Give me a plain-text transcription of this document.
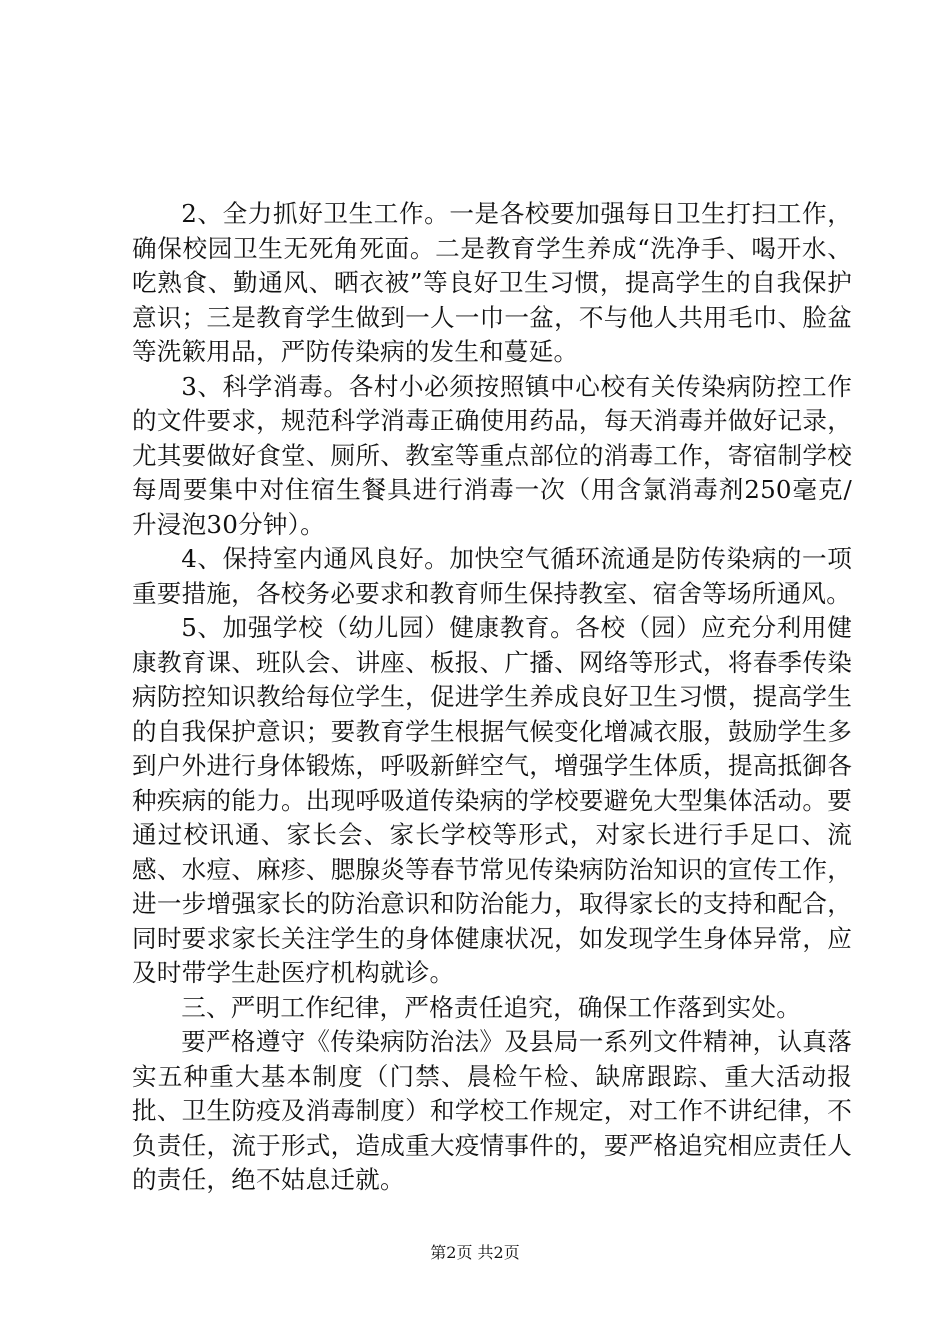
2、全力抓好卫生工作。一是各校要加强每日卫生打扫工作，确保校园卫生无死角死面。二是教育学生养成“洗净手、喝开水、吃熟食、勤通风、晒衣被”等良好卫生习惯，提高学生的自我保护意识；三是教育学生做到一人一巾一盆，不与他人共用毛巾、脸盆等洗簌用品，严防传染病的发生和蔓延。

3、科学消毒。各村小必须按照镇中心校有关传染病防控工作的文件要求，规范科学消毒正确使用药品，每天消毒并做好记录，尤其要做好食堂、厕所、教室等重点部位的消毒工作，寄宿制学校每周要集中对住宿生餐具进行消毒一次（用含氯消毒剂250毫克/升浸泡30分钟）。

4、保持室内通风良好。加快空气循环流通是防传染病的一项重要措施，各校务必要求和教育师生保持教室、宿舍等场所通风。

5、加强学校（幼儿园）健康教育。各校（园）应充分利用健康教育课、班队会、讲座、板报、广播、网络等形式，将春季传染病防控知识教给每位学生，促进学生养成良好卫生习惯，提高学生的自我保护意识；要教育学生根据气候变化增减衣服，鼓励学生多到户外进行身体锻炼，呼吸新鲜空气，增强学生体质，提高抵御各种疾病的能力。出现呼吸道传染病的学校要避免大型集体活动。要通过校讯通、家长会、家长学校等形式，对家长进行手足口、流感、水痘、麻疹、腮腺炎等春节常见传染病防治知识的宣传工作，进一步增强家长的防治意识和防治能力，取得家长的支持和配合，同时要求家长关注学生的身体健康状况，如发现学生身体异常，应及时带学生赴医疗机构就诊。

三、严明工作纪律，严格责任追究，确保工作落到实处。

要严格遵守《传染病防治法》及县局一系列文件精神，认真落实五种重大基本制度（门禁、晨检午检、缺席跟踪、重大活动报批、卫生防疫及消毒制度）和学校工作规定，对工作不讲纪律，不负责任，流于形式，造成重大疫情事件的，要严格追究相应责任人的责任，绝不姑息迁就。

第2页 共2页
